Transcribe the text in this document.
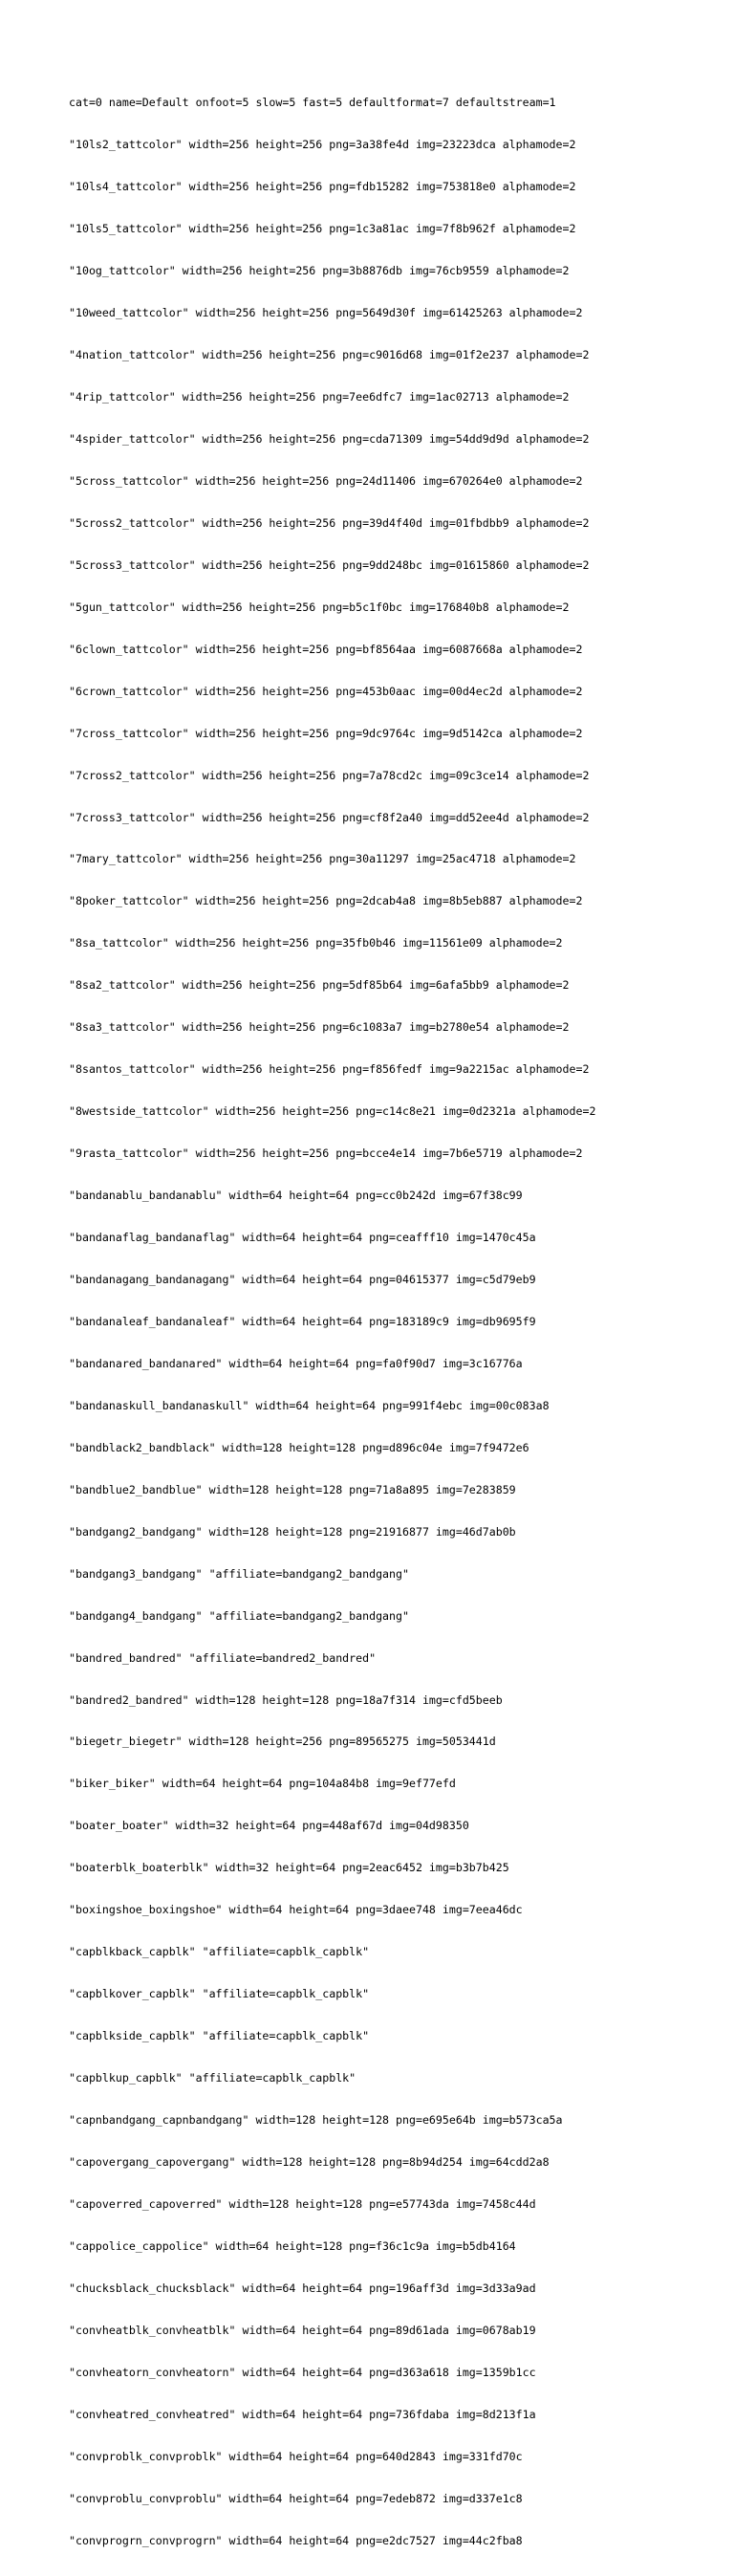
cat=0 name=Default onfoot=5 slow=5 fast=5 defaultformat=7 defaultstream=1

"10ls2_tattcolor" width=256 height=256 png=3a38fe4d img=23223dca alphamode=2

"10ls4_tattcolor" width=256 height=256 png=fdb15282 img=753818e0 alphamode=2

"10ls5_tattcolor" width=256 height=256 png=1c3a81ac img=7f8b962f alphamode=2

"10og_tattcolor" width=256 height=256 png=3b8876db img=76cb9559 alphamode=2

"10weed_tattcolor" width=256 height=256 png=5649d30f img=61425263 alphamode=2

"4nation_tattcolor" width=256 height=256 png=c9016d68 img=01f2e237 alphamode=2

"4rip_tattcolor" width=256 height=256 png=7ee6dfc7 img=1ac02713 alphamode=2

"4spider_tattcolor" width=256 height=256 png=cda71309 img=54dd9d9d alphamode=2

"5cross_tattcolor" width=256 height=256 png=24d11406 img=670264e0 alphamode=2

"5cross2_tattcolor" width=256 height=256 png=39d4f40d img=01fbdbb9 alphamode=2

"5cross3_tattcolor" width=256 height=256 png=9dd248bc img=01615860 alphamode=2

"5gun_tattcolor" width=256 height=256 png=b5c1f0bc img=176840b8 alphamode=2

"6clown_tattcolor" width=256 height=256 png=bf8564aa img=6087668a alphamode=2

"6crown_tattcolor" width=256 height=256 png=453b0aac img=00d4ec2d alphamode=2

"7cross_tattcolor" width=256 height=256 png=9dc9764c img=9d5142ca alphamode=2

"7cross2_tattcolor" width=256 height=256 png=7a78cd2c img=09c3ce14 alphamode=2

"7cross3_tattcolor" width=256 height=256 png=cf8f2a40 img=dd52ee4d alphamode=2

"7mary_tattcolor" width=256 height=256 png=30a11297 img=25ac4718 alphamode=2

"8poker_tattcolor" width=256 height=256 png=2dcab4a8 img=8b5eb887 alphamode=2

"8sa_tattcolor" width=256 height=256 png=35fb0b46 img=11561e09 alphamode=2

"8sa2_tattcolor" width=256 height=256 png=5df85b64 img=6afa5bb9 alphamode=2

"8sa3_tattcolor" width=256 height=256 png=6c1083a7 img=b2780e54 alphamode=2

"8santos_tattcolor" width=256 height=256 png=f856fedf img=9a2215ac alphamode=2

"8westside_tattcolor" width=256 height=256 png=c14c8e21 img=0d2321a alphamode=2

"9rasta_tattcolor" width=256 height=256 png=bcce4e14 img=7b6e5719 alphamode=2

"bandanablu_bandanablu" width=64 height=64 png=cc0b242d img=67f38c99

"bandanaflag_bandanaflag" width=64 height=64 png=ceafff10 img=1470c45a

"bandanagang_bandanagang" width=64 height=64 png=04615377 img=c5d79eb9

"bandanaleaf_bandanaleaf" width=64 height=64 png=183189c9 img=db9695f9

"bandanared_bandanared" width=64 height=64 png=fa0f90d7 img=3c16776a

"bandanaskull_bandanaskull" width=64 height=64 png=991f4ebc img=00c083a8

"bandblack2_bandblack" width=128 height=128 png=d896c04e img=7f9472e6

"bandblue2_bandblue" width=128 height=128 png=71a8a895 img=7e283859

"bandgang2_bandgang" width=128 height=128 png=21916877 img=46d7ab0b

"bandgang3_bandgang" "affiliate=bandgang2_bandgang"

"bandgang4_bandgang" "affiliate=bandgang2_bandgang"

"bandred_bandred" "affiliate=bandred2_bandred"

"bandred2_bandred" width=128 height=128 png=18a7f314 img=cfd5beeb

"biegetr_biegetr" width=128 height=256 png=89565275 img=5053441d

"biker_biker" width=64 height=64 png=104a84b8 img=9ef77efd

"boater_boater" width=32 height=64 png=448af67d img=04d98350

"boaterblk_boaterblk" width=32 height=64 png=2eac6452 img=b3b7b425

"boxingshoe_boxingshoe" width=64 height=64 png=3daee748 img=7eea46dc

"capblkback_capblk" "affiliate=capblk_capblk"

"capblkover_capblk" "affiliate=capblk_capblk"

"capblkside_capblk" "affiliate=capblk_capblk"

"capblkup_capblk" "affiliate=capblk_capblk"

"capnbandgang_capnbandgang" width=128 height=128 png=e695e64b img=b573ca5a

"capovergang_capovergang" width=128 height=128 png=8b94d254 img=64cdd2a8

"capoverred_capoverred" width=128 height=128 png=e57743da img=7458c44d

"cappolice_cappolice" width=64 height=128 png=f36c1c9a img=b5db4164

"chucksblack_chucksblack" width=64 height=64 png=196aff3d img=3d33a9ad

"convheatblk_convheatblk" width=64 height=64 png=89d61ada img=0678ab19

"convheatorn_convheatorn" width=64 height=64 png=d363a618 img=1359b1cc

"convheatred_convheatred" width=64 height=64 png=736fdaba img=8d213f1a

"convproblk_convproblk" width=64 height=64 png=640d2843 img=331fd70c

"convproblu_convproblu" width=64 height=64 png=7edeb872 img=d337e1c8

"convprogrn_convprogrn" width=64 height=64 png=e2dc7527 img=44c2fba8
